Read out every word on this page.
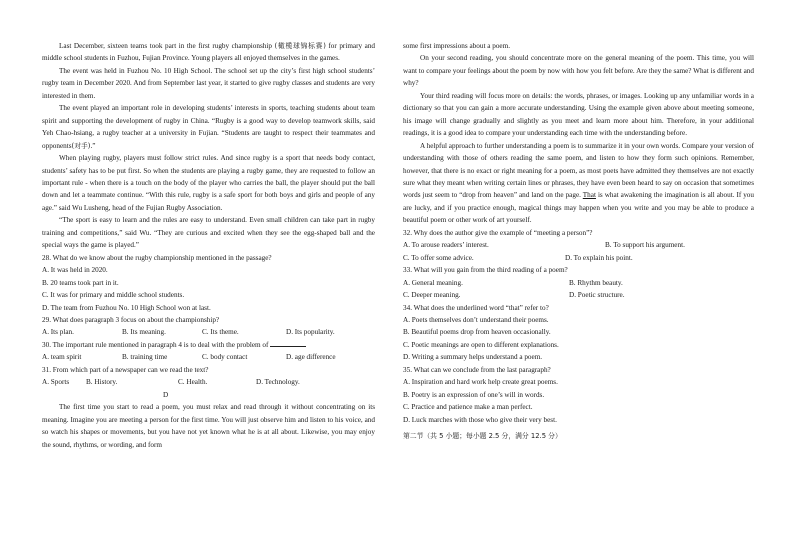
Last December, sixteen teams took part in the first rugby championship (橄榄球锦标赛) for primary and middle school students in Fuzhou, Fujian Province. Young players all enjoyed themselves in the games.

The event was held in Fuzhou No. 10 High School. The school set up the city’s first high school students’ rugby team in December 2020. And from September last year, it started to give rugby classes and students are very interested in them.

The event played an important role in developing students’ interests in sports, teaching students about team spirit and supporting the development of rugby in China. “Rugby is a good way to develop teamwork skills, said Yeh Chao-hsiang, a rugby teacher at a university in Fujian. “Students are taught to respect their teammates and opponents(对手).”

When playing rugby, players must follow strict rules. And since rugby is a sport that needs body contact, students’ safety has to be put first. So when the students are playing a rugby game, they are requested to follow an important rule - when there is a touch on the body of the player who carries the ball, the player should put the ball down and let a teammate continue. “With this rule, rugby is a safe sport for both boys and girls and people of any age.” said Wu Lusheng, head of the Fujian Rugby Association.

“The sport is easy to learn and the rules are easy to understand. Even small children can take part in rugby training and competitions,” said Wu. “They are curious and excited when they see the egg-shaped ball and the special ways the game is played.”

28. What do we know about the rugby championship mentioned in the passage?

A. It was held in 2020.

B. 20 teams took part in it.

C. It was for primary and middle school students.

D. The team from Fuzhou No. 10 High School won at last.

29. What does paragraph 3 focus on about the championship?

A. Its plan.	B. Its meaning.	C. Its theme.	D. Its popularity.

30. The important rule mentioned in paragraph 4 is to deal with the problem of

A. team spirit	B. training time	C. body contact	D. age difference

31. From which part of a newspaper can we read the text?

A. Sports	B. History.	C. Health.	D. Technology.

D

The first time you start to read a poem, you must relax and read through it without concentrating on its meaning. Imagine you are meeting a person for the first time. You will just observe him and listen to his voice, and so watch his shapes or movements, but you have not yet known what he is at all about. Likewise, you may enjoy the sound, rhythms, or wording, and form

some first impressions about a poem.

On your second reading, you should concentrate more on the general meaning of the poem. This time, you will want to compare your feelings about the poem by now with how you felt before. Are they the same? What is different and why?

Your third reading will focus more on details: the words, phrases, or images. Looking up any unfamiliar words in a dictionary so that you can gain a more accurate understanding. Using the example given above about meeting someone, his image will change gradually and slightly as you meet and learn more about him. Therefore, in your additional readings, it is a good idea to compare your understanding each time with the understanding before.

A helpful approach to further understanding a poem is to summarize it in your own words. Compare your version of understanding with those of others reading the same poem, and listen to how they form such opinions. Remember, however, that there is no exact or right meaning for a poem, as most poets have admitted they themselves are not exactly sure what they meant when writing certain lines or phrases, they have even been heard to say on occasion that sometimes words just seem to “drop from heaven” and land on the page. That is what awakening the imagination is all about. If you are lucky, and if you practice enough, magical things may happen when you write and you may be able to produce a beautiful poem or other work of art yourself.

32. Why does the author give the example of “meeting a person”?

A. To arouse readers’ interest.	B. To support his argument.

C. To offer some advice.	D. To explain his point.

33. What will you gain from the third reading of a poem?

A. General meaning.	B. Rhythm beauty.

C. Deeper meaning.	D. Poetic structure.

34. What does the underlined word “that” refer to?

A. Poets themselves don’t understand their poems.

B. Beautiful poems drop from heaven occasionally.

C. Poetic meanings are open to different explanations.

D. Writing a summary helps understand a poem.

35. What can we conclude from the last paragraph?

A. Inspiration and hard work help create great poems.

B. Poetry is an expression of one’s will in words.

C. Practice and patience make a man perfect.

D. Luck marches with those who give their very best.

第二节（共 5 小题；每小题 2.5 分，满分 12.5 分）
